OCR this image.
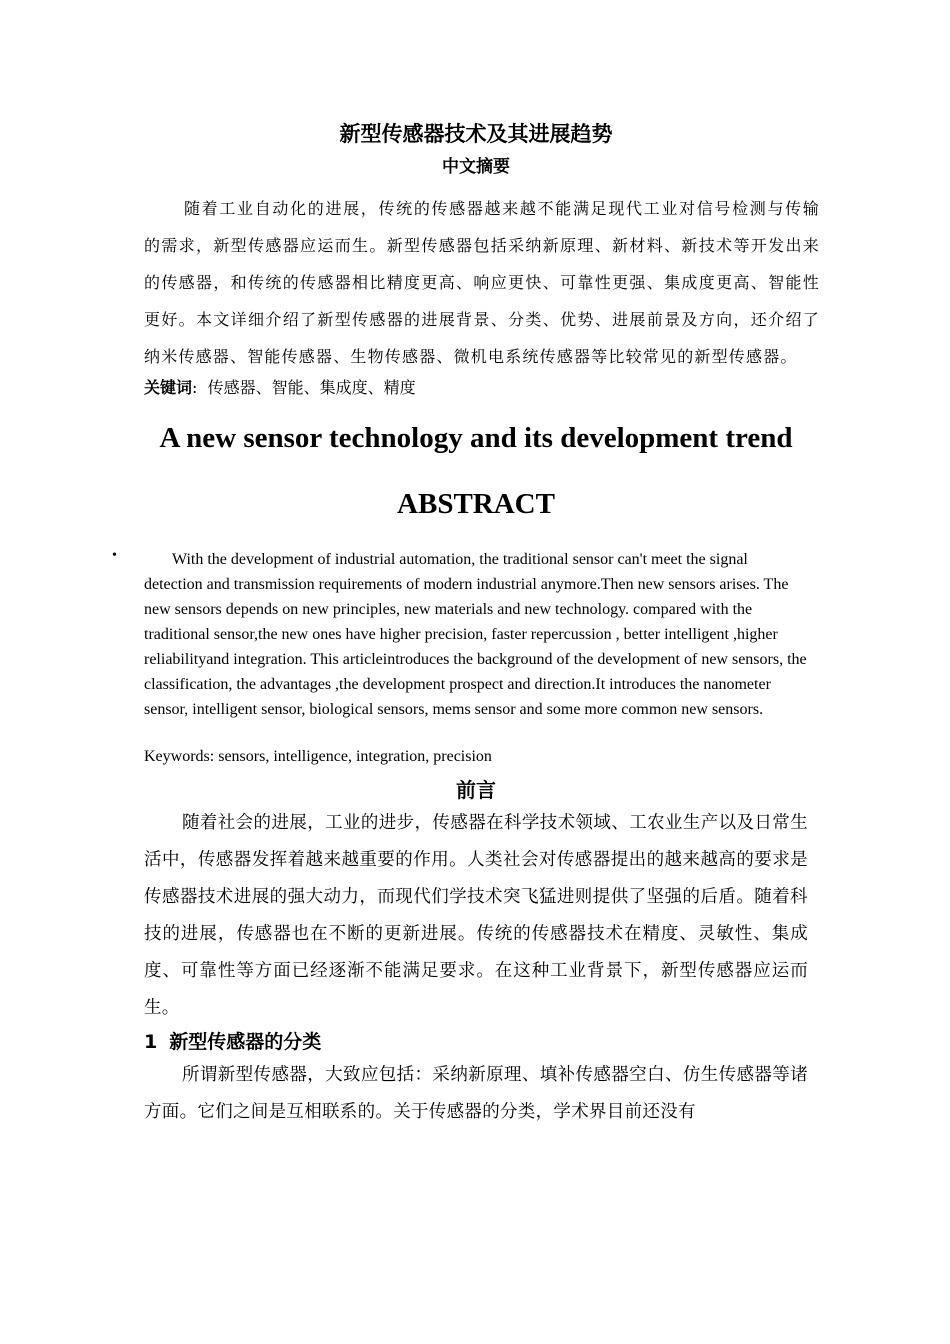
新型传感器技术及其进展趋势
中文摘要

随着工业自动化的进展，传统的传感器越来越不能满足现代工业对信号检测与传输的需求，新型传感器应运而生。新型传感器包括采纳新原理、新材料、新技术等开发出来的传感器，和传统的传感器相比精度更高、响应更快、可靠性更强、集成度更高、智能性更好。本文详细介绍了新型传感器的进展背景、分类、优势、进展前景及方向，还介绍了纳米传感器、智能传感器、生物传感器、微机电系统传感器等比较常见的新型传感器。

关键词:  传感器、智能、集成度、精度

A new sensor technology and its development trend
ABSTRACT
•	With the development of industrial automation, the traditional sensor can't meet the signal detection and transmission requirements of modern industrial anymore.Then new sensors arises. The new sensors depends on new principles, new materials and new technology. compared with the traditional sensor,the new ones have higher precision, faster repercussion , better intelligent ,higher reliabilityand integration. This articleintroduces the background of the development of new sensors, the classification, the advantages ,the development prospect and direction.It introduces the nanometer sensor, intelligent sensor, biological sensors, mems sensor and some more common new sensors.

Keywords: sensors, intelligence, integration, precision

前言

随着社会的进展，工业的进步，传感器在科学技术领域、工农业生产以及日常生活中，传感器发挥着越来越重要的作用。人类社会对传感器提出的越来越高的要求是传感器技术进展的强大动力，而现代们学技术突飞猛进则提供了坚强的后盾。随着科技的进展，传感器也在不断的更新进展。传统的传感器技术在精度、灵敏性、集成度、可靠性等方面已经逐渐不能满足要求。在这种工业背景下，新型传感器应运而生。

1 新型传感器的分类

所谓新型传感器，大致应包括：采纳新原理、填补传感器空白、仿生传感器等诸方面。它们之间是互相联系的。关于传感器的分类，学术界目前还没有
